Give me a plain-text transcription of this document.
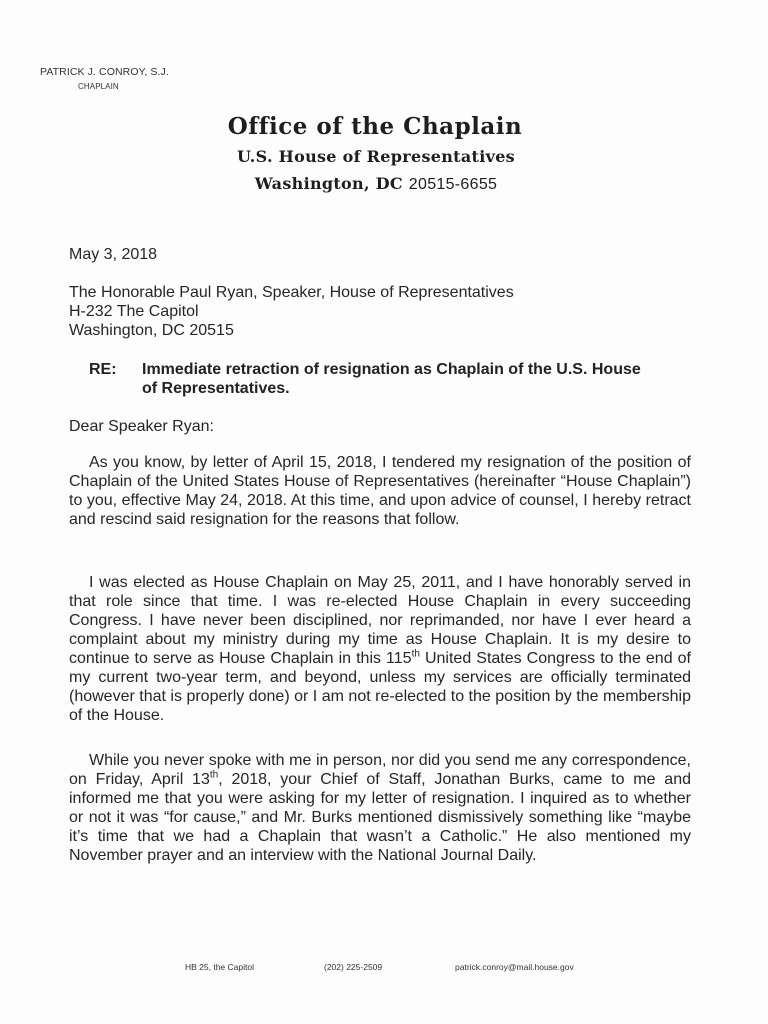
PATRICK J. CONROY, S.J.
CHAPLAIN
Office of the Chaplain
U.S. House of Representatives
Washington, DC 20515-6655
May 3, 2018
The Honorable Paul Ryan, Speaker, House of Representatives
H-232 The Capitol
Washington, DC 20515
RE: Immediate retraction of resignation as Chaplain of the U.S. House
of Representatives.
Dear Speaker Ryan:
As you know, by letter of April 15, 2018, I tendered my resignation of the position of Chaplain of the United States House of Representatives (hereinafter “House Chaplain”) to you, effective May 24, 2018. At this time, and upon advice of counsel, I hereby retract and rescind said resignation for the reasons that follow.
I was elected as House Chaplain on May 25, 2011, and I have honorably served in that role since that time. I was re-elected House Chaplain in every succeeding Congress. I have never been disciplined, nor reprimanded, nor have I ever heard a complaint about my ministry during my time as House Chaplain. It is my desire to continue to serve as House Chaplain in this 115th United States Congress to the end of my current two-year term, and beyond, unless my services are officially terminated (however that is properly done) or I am not re-elected to the position by the membership of the House.
While you never spoke with me in person, nor did you send me any correspondence, on Friday, April 13th, 2018, your Chief of Staff, Jonathan Burks, came to me and informed me that you were asking for my letter of resignation. I inquired as to whether or not it was “for cause,” and Mr. Burks mentioned dismissively something like “maybe it’s time that we had a Chaplain that wasn’t a Catholic.” He also mentioned my November prayer and an interview with the National Journal Daily.
HB 25, the Capitol	(202) 225-2509	patrick.conroy@mail.house.gov
